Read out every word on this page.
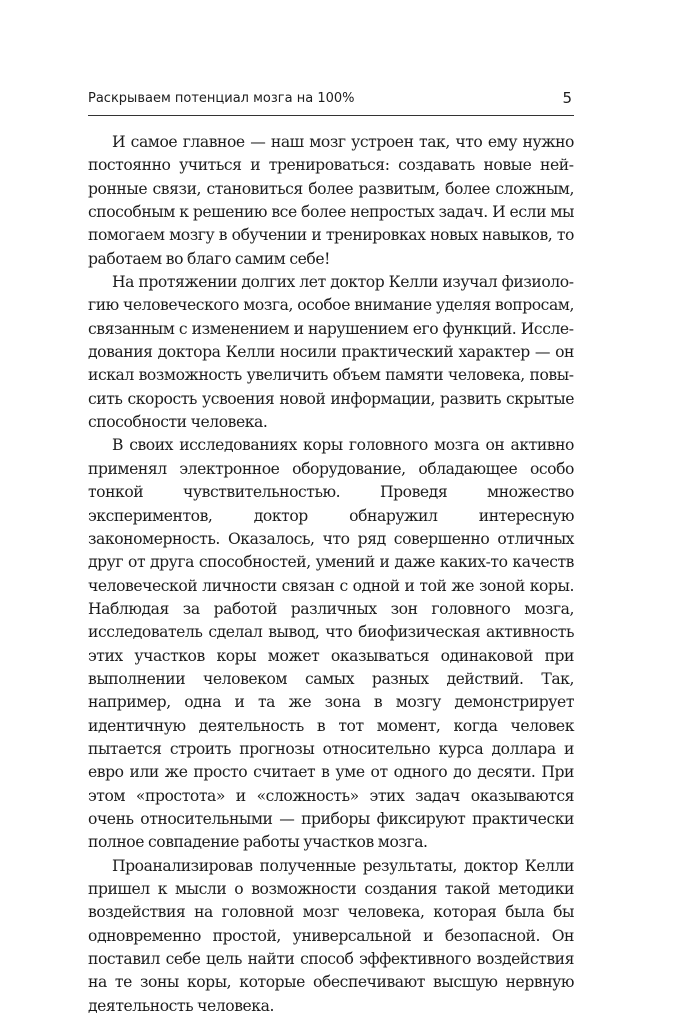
Раскрываем потенциал мозга на 100%	5

И самое главное — наш мозг устроен так, что ему нужно постоянно учиться и тренироваться: создавать новые нейронные связи, становиться более развитым, более сложным, способным к решению все более непростых задач. И если мы помогаем мозгу в обучении и тренировках новых навыков, то работаем во благо самим себе!

На протяжении долгих лет доктор Келли изучал физиологию человеческого мозга, особое внимание уделяя вопросам, связанным с изменением и нарушением его функций. Исследования доктора Келли носили практический характер — он искал возможность увеличить объем памяти человека, повысить скорость усвоения новой информации, развить скрытые способности человека.

В своих исследованиях коры головного мозга он активно применял электронное оборудование, обладающее особо тонкой чувствительностью. Проведя множество экспериментов, доктор обнаружил интересную закономерность. Оказалось, что ряд совершенно отличных друг от друга способностей, умений и даже каких-то качеств человеческой личности связан с одной и той же зоной коры. Наблюдая за работой различных зон головного мозга, исследователь сделал вывод, что биофизическая активность этих участков коры может оказываться одинаковой при выполнении человеком самых разных действий. Так, например, одна и та же зона в мозгу демонстрирует идентичную деятельность в тот момент, когда человек пытается строить прогнозы относительно курса доллара и евро или же просто считает в уме от одного до десяти. При этом «простота» и «сложность» этих задач оказываются очень относительными — приборы фиксируют практически полное совпадение работы участков мозга.

Проанализировав полученные результаты, доктор Келли пришел к мысли о возможности создания такой методики воздействия на головной мозг человека, которая была бы одновременно простой, универсальной и безопасной. Он поставил себе цель найти способ эффективного воздействия на те зоны коры, которые обеспечивают высшую нервную деятельность человека.
